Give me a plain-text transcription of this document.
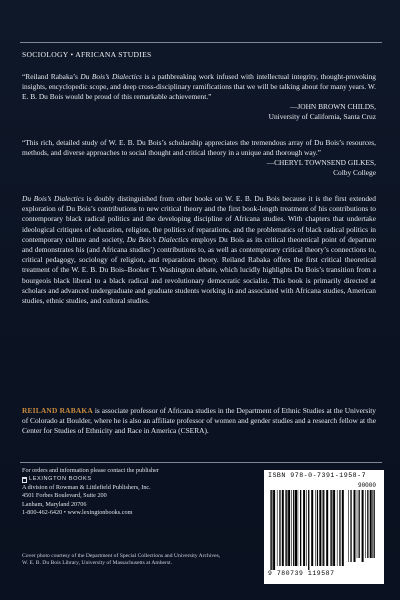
SOCIOLOGY • AFRICANA STUDIES
“Reiland Rabaka’s Du Bois’s Dialectics is a pathbreaking work infused with intellectual integrity, thought-provoking insights, encyclopedic scope, and deep cross-disciplinary ramifications that we will be talking about for many years. W. E. B. Du Bois would be proud of this remarkable achievement.”
—JOHN BROWN CHILDS,
University of California, Santa Cruz
“This rich, detailed study of W. E. B. Du Bois’s scholarship appreciates the tremendous array of Du Bois’s resources, methods, and diverse approaches to social thought and critical theory in a unique and thorough way.”
—CHERYL TOWNSEND GILKES,
Colby College
Du Bois’s Dialectics is doubly distinguished from other books on W. E. B. Du Bois because it is the first extended exploration of Du Bois’s contributions to new critical theory and the first book-length treatment of his contributions to contemporary black radical politics and the developing discipline of Africana studies. With chapters that undertake ideological critiques of education, religion, the politics of reparations, and the problematics of black radical politics in contemporary culture and society, Du Bois’s Dialectics employs Du Bois as its critical theoretical point of departure and demonstrates his (and Africana studies’) contributions to, as well as contemporary critical theory’s connections to, critical pedagogy, sociology of religion, and reparations theory. Reiland Rabaka offers the first critical theoretical treatment of the W. E. B. Du Bois–Booker T. Washington debate, which lucidly highlights Du Bois’s transition from a bourgeois black liberal to a black radical and revolutionary democratic socialist. This book is primarily directed at scholars and advanced undergraduate and graduate students working in and associated with Africana studies, American studies, ethnic studies, and cultural studies.
REILAND RABAKA is associate professor of Africana studies in the Department of Ethnic Studies at the University of Colorado at Boulder, where he is also an affiliate professor of women and gender studies and a research fellow at the Center for Studies of Ethnicity and Race in America (CSERA).
For orders and information please contact the publisher
LEXINGTON BOOKS
A division of Rowman & Littlefield Publishers, Inc.
4501 Forbes Boulevard, Suite 200
Lanham, Maryland 20706
1-800-462-6420 • www.lexingtonbooks.com
Cover photo courtesy of the Department of Special Collections and University Archives, W. E. B. Du Bois Library, University of Massachusetts at Amherst.
ISBN 978-0-7391-1958-7
90000
9 780739 119587
